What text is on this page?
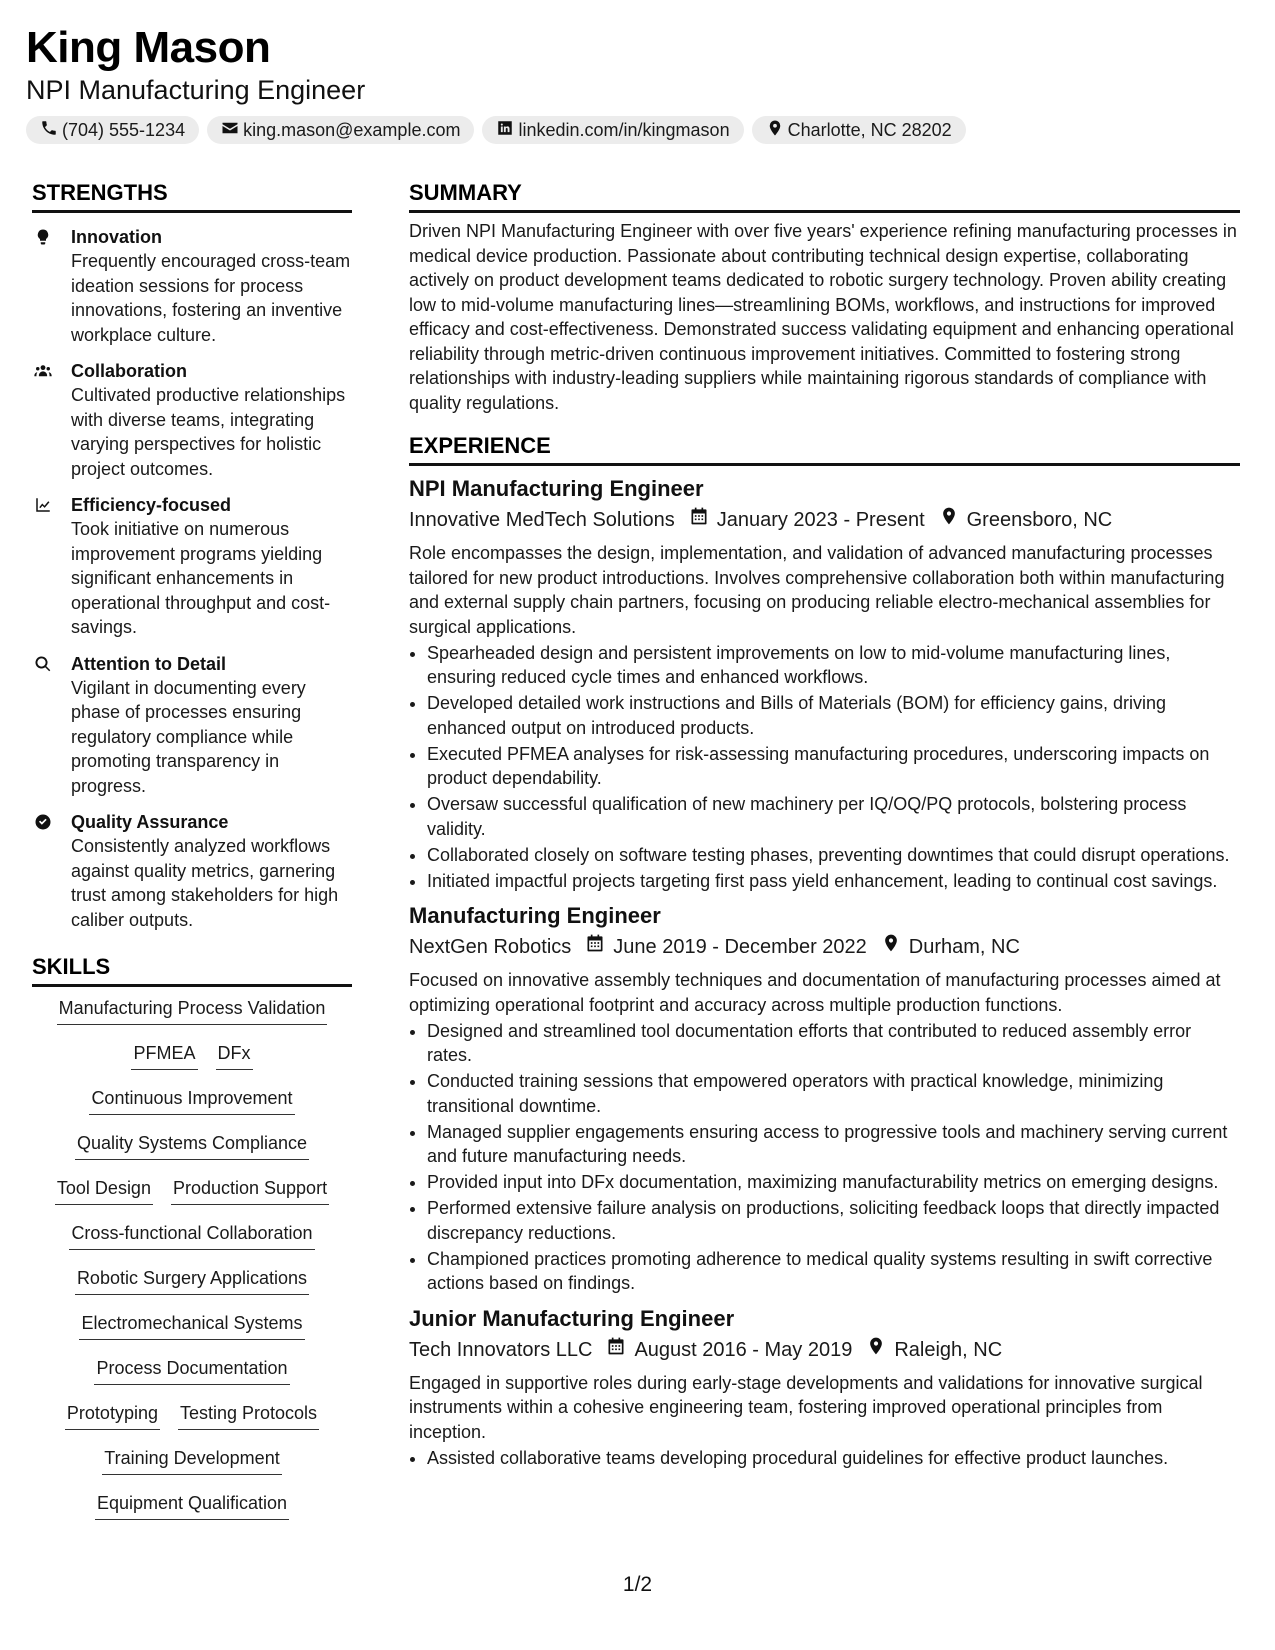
King Mason
NPI Manufacturing Engineer
(704) 555-1234	king.mason@example.com	linkedin.com/in/kingmason	Charlotte, NC 28202
STRENGTHS
Innovation
Frequently encouraged cross-team ideation sessions for process innovations, fostering an inventive workplace culture.
Collaboration
Cultivated productive relationships with diverse teams, integrating varying perspectives for holistic project outcomes.
Efficiency-focused
Took initiative on numerous improvement programs yielding significant enhancements in operational throughput and cost-savings.
Attention to Detail
Vigilant in documenting every phase of processes ensuring regulatory compliance while promoting transparency in progress.
Quality Assurance
Consistently analyzed workflows against quality metrics, garnering trust among stakeholders for high caliber outputs.
SKILLS
Manufacturing Process Validation
PFMEA DFx
Continuous Improvement
Quality Systems Compliance
Tool Design Production Support
Cross-functional Collaboration
Robotic Surgery Applications
Electromechanical Systems
Process Documentation
Prototyping Testing Protocols
Training Development
Equipment Qualification
SUMMARY
Driven NPI Manufacturing Engineer with over five years' experience refining manufacturing processes in medical device production. Passionate about contributing technical design expertise, collaborating actively on product development teams dedicated to robotic surgery technology. Proven ability creating low to mid-volume manufacturing lines—streamlining BOMs, workflows, and instructions for improved efficacy and cost-effectiveness. Demonstrated success validating equipment and enhancing operational reliability through metric-driven continuous improvement initiatives. Committed to fostering strong relationships with industry-leading suppliers while maintaining rigorous standards of compliance with quality regulations.
EXPERIENCE
NPI Manufacturing Engineer
Innovative MedTech Solutions January 2023 - Present Greensboro, NC
Role encompasses the design, implementation, and validation of advanced manufacturing processes tailored for new product introductions. Involves comprehensive collaboration both within manufacturing and external supply chain partners, focusing on producing reliable electro-mechanical assemblies for surgical applications.
• Spearheaded design and persistent improvements on low to mid-volume manufacturing lines, ensuring reduced cycle times and enhanced workflows.
• Developed detailed work instructions and Bills of Materials (BOM) for efficiency gains, driving enhanced output on introduced products.
• Executed PFMEA analyses for risk-assessing manufacturing procedures, underscoring impacts on product dependability.
• Oversaw successful qualification of new machinery per IQ/OQ/PQ protocols, bolstering process validity.
• Collaborated closely on software testing phases, preventing downtimes that could disrupt operations.
• Initiated impactful projects targeting first pass yield enhancement, leading to continual cost savings.
Manufacturing Engineer
NextGen Robotics June 2019 - December 2022 Durham, NC
Focused on innovative assembly techniques and documentation of manufacturing processes aimed at optimizing operational footprint and accuracy across multiple production functions.
• Designed and streamlined tool documentation efforts that contributed to reduced assembly error rates.
• Conducted training sessions that empowered operators with practical knowledge, minimizing transitional downtime.
• Managed supplier engagements ensuring access to progressive tools and machinery serving current and future manufacturing needs.
• Provided input into DFx documentation, maximizing manufacturability metrics on emerging designs.
• Performed extensive failure analysis on productions, soliciting feedback loops that directly impacted discrepancy reductions.
• Championed practices promoting adherence to medical quality systems resulting in swift corrective actions based on findings.
Junior Manufacturing Engineer
Tech Innovators LLC August 2016 - May 2019 Raleigh, NC
Engaged in supportive roles during early-stage developments and validations for innovative surgical instruments within a cohesive engineering team, fostering improved operational principles from inception.
• Assisted collaborative teams developing procedural guidelines for effective product launches.
1/2
